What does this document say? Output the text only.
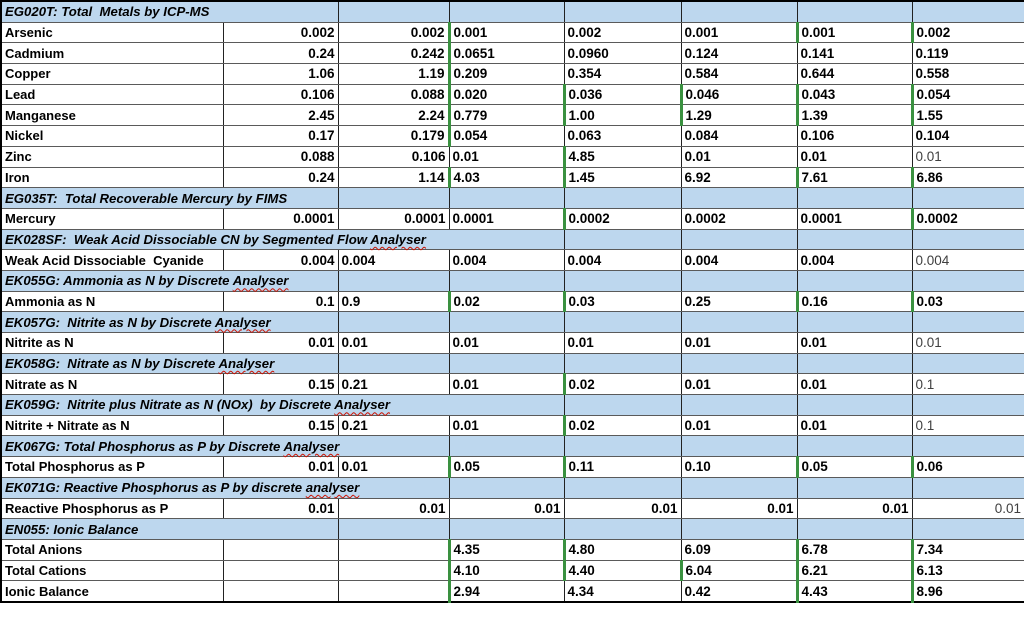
EG020T: Total  Metals by ICP-MS							
Arsenic	0.002	0.002	0.001	0.002	0.001	0.001	0.002
Cadmium	0.24	0.242	0.0651	0.0960	0.124	0.141	0.119
Copper	1.06	1.19	0.209	0.354	0.584	0.644	0.558
Lead	0.106	0.088	0.020	0.036	0.046	0.043	0.054
Manganese	2.45	2.24	0.779	1.00	1.29	1.39	1.55
Nickel	0.17	0.179	0.054	0.063	0.084	0.106	0.104
Zinc	0.088	0.106	0.01	4.85	0.01	0.01	0.01
Iron	0.24	1.14	4.03	1.45	6.92	7.61	6.86
EG035T:  Total Recoverable Mercury by FIMS							
Mercury	0.0001	0.0001	0.0001	0.0002	0.0002	0.0001	0.0002
EK028SF:  Weak Acid Dissociable CN by Segmented Flow Analyser							
Weak Acid Dissociable  Cyanide	0.004	0.004	0.004	0.004	0.004	0.004	0.004
EK055G: Ammonia as N by Discrete Analyser							
Ammonia as N	0.1	0.9	0.02	0.03	0.25	0.16	0.03
EK057G:  Nitrite as N by Discrete Analyser							
Nitrite as N	0.01	0.01	0.01	0.01	0.01	0.01	0.01
EK058G:  Nitrate as N by Discrete Analyser							
Nitrate as N	0.15	0.21	0.01	0.02	0.01	0.01	0.1
EK059G:  Nitrite plus Nitrate as N (NOx)  by Discrete Analyser							
Nitrite + Nitrate as N	0.15	0.21	0.01	0.02	0.01	0.01	0.1
EK067G: Total Phosphorus as P by Discrete Analyser							
Total Phosphorus as P	0.01	0.01	0.05	0.11	0.10	0.05	0.06
EK071G: Reactive Phosphorus as P by discrete analyser							
Reactive Phosphorus as P	0.01	0.01	0.01	0.01	0.01	0.01	0.01
EN055: Ionic Balance							
Total Anions			4.35	4.80	6.09	6.78	7.34
Total Cations			4.10	4.40	6.04	6.21	6.13
Ionic Balance			2.94	4.34	0.42	4.43	8.96
